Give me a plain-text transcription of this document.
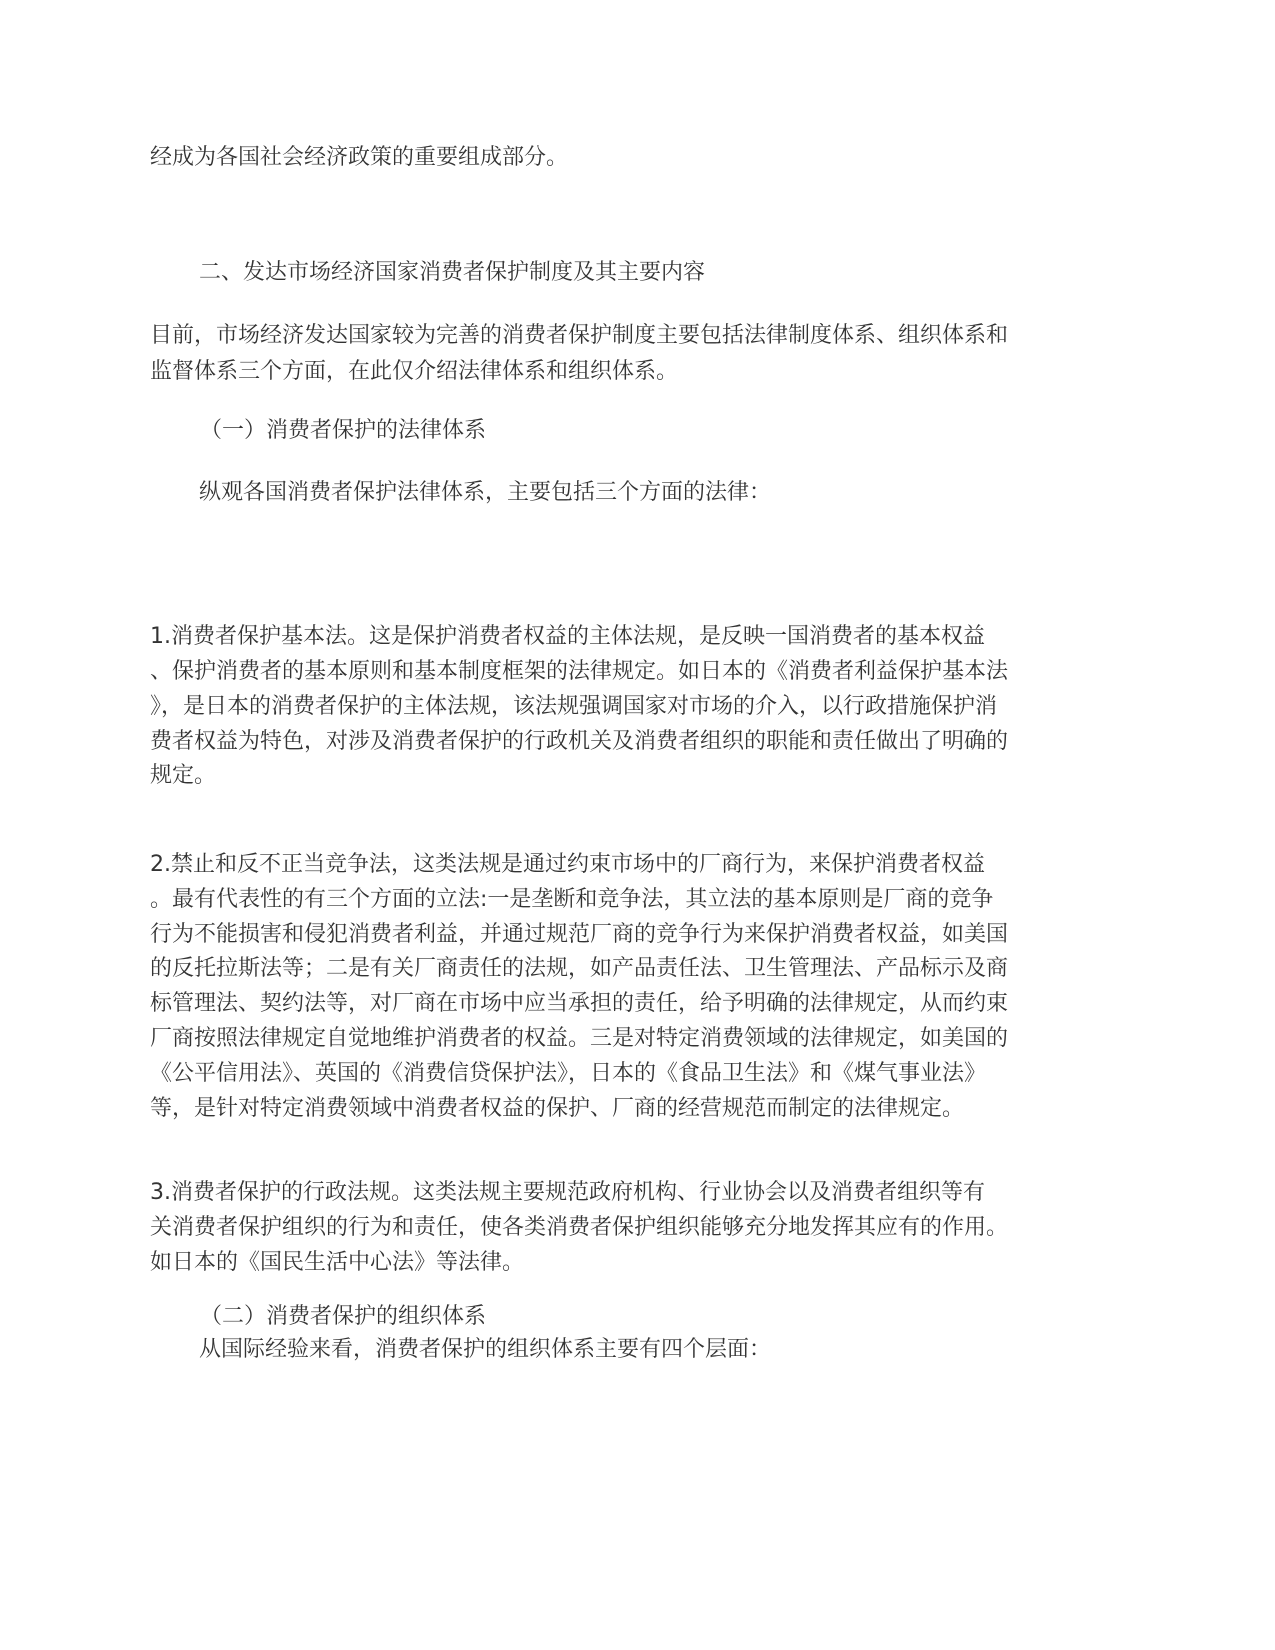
经成为各国社会经济政策的重要组成部分。
二、发达市场经济国家消费者保护制度及其主要内容
目前，市场经济发达国家较为完善的消费者保护制度主要包括法律制度体系、组织体系和
监督体系三个方面，在此仅介绍法律体系和组织体系。
（一）消费者保护的法律体系
纵观各国消费者保护法律体系，主要包括三个方面的法律：
1.消费者保护基本法。这是保护消费者权益的主体法规，是反映一国消费者的基本权益
、保护消费者的基本原则和基本制度框架的法律规定。如日本的《消费者利益保护基本法
》，是日本的消费者保护的主体法规，该法规强调国家对市场的介入，以行政措施保护消
费者权益为特色，对涉及消费者保护的行政机关及消费者组织的职能和责任做出了明确的
规定。
2.禁止和反不正当竞争法，这类法规是通过约束市场中的厂商行为，来保护消费者权益
。最有代表性的有三个方面的立法:一是垄断和竞争法，其立法的基本原则是厂商的竞争
行为不能损害和侵犯消费者利益，并通过规范厂商的竞争行为来保护消费者权益，如美国
的反托拉斯法等；二是有关厂商责任的法规，如产品责任法、卫生管理法、产品标示及商
标管理法、契约法等，对厂商在市场中应当承担的责任，给予明确的法律规定，从而约束
厂商按照法律规定自觉地维护消费者的权益。三是对特定消费领域的法律规定，如美国的
《公平信用法》、英国的《消费信贷保护法》，日本的《食品卫生法》和《煤气事业法》
等，是针对特定消费领域中消费者权益的保护、厂商的经营规范而制定的法律规定。
3.消费者保护的行政法规。这类法规主要规范政府机构、行业协会以及消费者组织等有
关消费者保护组织的行为和责任，使各类消费者保护组织能够充分地发挥其应有的作用。
如日本的《国民生活中心法》等法律。
（二）消费者保护的组织体系
从国际经验来看，消费者保护的组织体系主要有四个层面：
